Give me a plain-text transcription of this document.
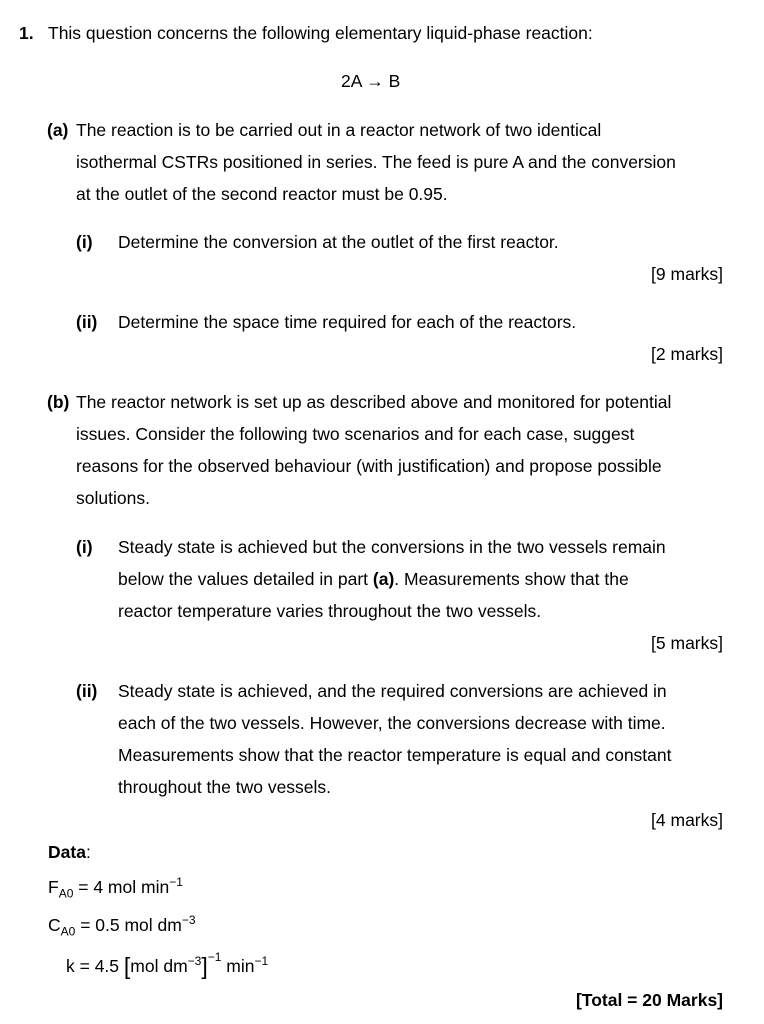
1. This question concerns the following elementary liquid-phase reaction:
2A → B
(a) The reaction is to be carried out in a reactor network of two identical
isothermal CSTRs positioned in series. The feed is pure A and the conversion
at the outlet of the second reactor must be 0.95.
(i) Determine the conversion at the outlet of the first reactor.
[9 marks]
(ii) Determine the space time required for each of the reactors.
[2 marks]
(b) The reactor network is set up as described above and monitored for potential
issues. Consider the following two scenarios and for each case, suggest
reasons for the observed behaviour (with justification) and propose possible
solutions.
(i) Steady state is achieved but the conversions in the two vessels remain
below the values detailed in part (a). Measurements show that the
reactor temperature varies throughout the two vessels.
[5 marks]
(ii) Steady state is achieved, and the required conversions are achieved in
each of the two vessels. However, the conversions decrease with time.
Measurements show that the reactor temperature is equal and constant
throughout the two vessels.
[4 marks]
Data:
$F_{A0} = 4$ mol $\min^{-1}$
$C_{A0} = 0.5$ mol $dm^{-3}$
k = 4.5 [mol $dm^{-3}]^{-1}$ $\min^{-1}$
[Total = 20 Marks]
